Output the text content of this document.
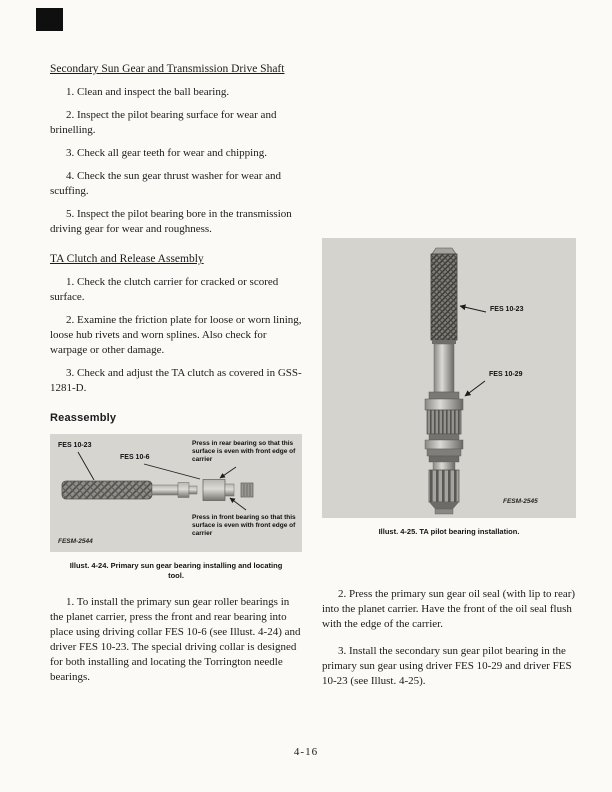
Secondary Sun Gear and Transmission Drive Shaft

1. Clean and inspect the ball bearing.

2. Inspect the pilot bearing surface for wear and brinelling.

3. Check all gear teeth for wear and chipping.

4. Check the sun gear thrust washer for wear and scuffing.

5. Inspect the pilot bearing bore in the transmission driving gear for wear and roughness.

TA Clutch and Release Assembly

1. Check the clutch carrier for cracked or scored surface.

2. Examine the friction plate for loose or worn lining, loose hub rivets and worn splines. Also check for warpage or other damage.

3. Check and adjust the TA clutch as covered in GSS-1281-D.

Reassembly
FES 10-23
FES 10-6
Press in rear bearing so that this surface is even with front edge of carrier
Press in front bearing so that this surface is even with front edge of carrier
FESM-2544
Illust. 4-24. Primary sun gear bearing installing and locating tool.

1. To install the primary sun gear roller bearings in the planet carrier, press the front and rear bearing into place using driving collar FES 10-6 (see Illust. 4-24) and driver FES 10-23. The special driving collar is designed for both installing and locating the Torrington needle bearings.

FES 10-23
FES 10-29
FESM-2545
Illust. 4-25. TA pilot bearing installation.

2. Press the primary sun gear oil seal (with lip to rear) into the planet carrier. Have the front of the oil seal flush with the edge of the carrier.

3. Install the secondary sun gear pilot bearing in the primary sun gear using driver FES 10-29 and driver FES 10-23 (see Illust. 4-25).

4-16
